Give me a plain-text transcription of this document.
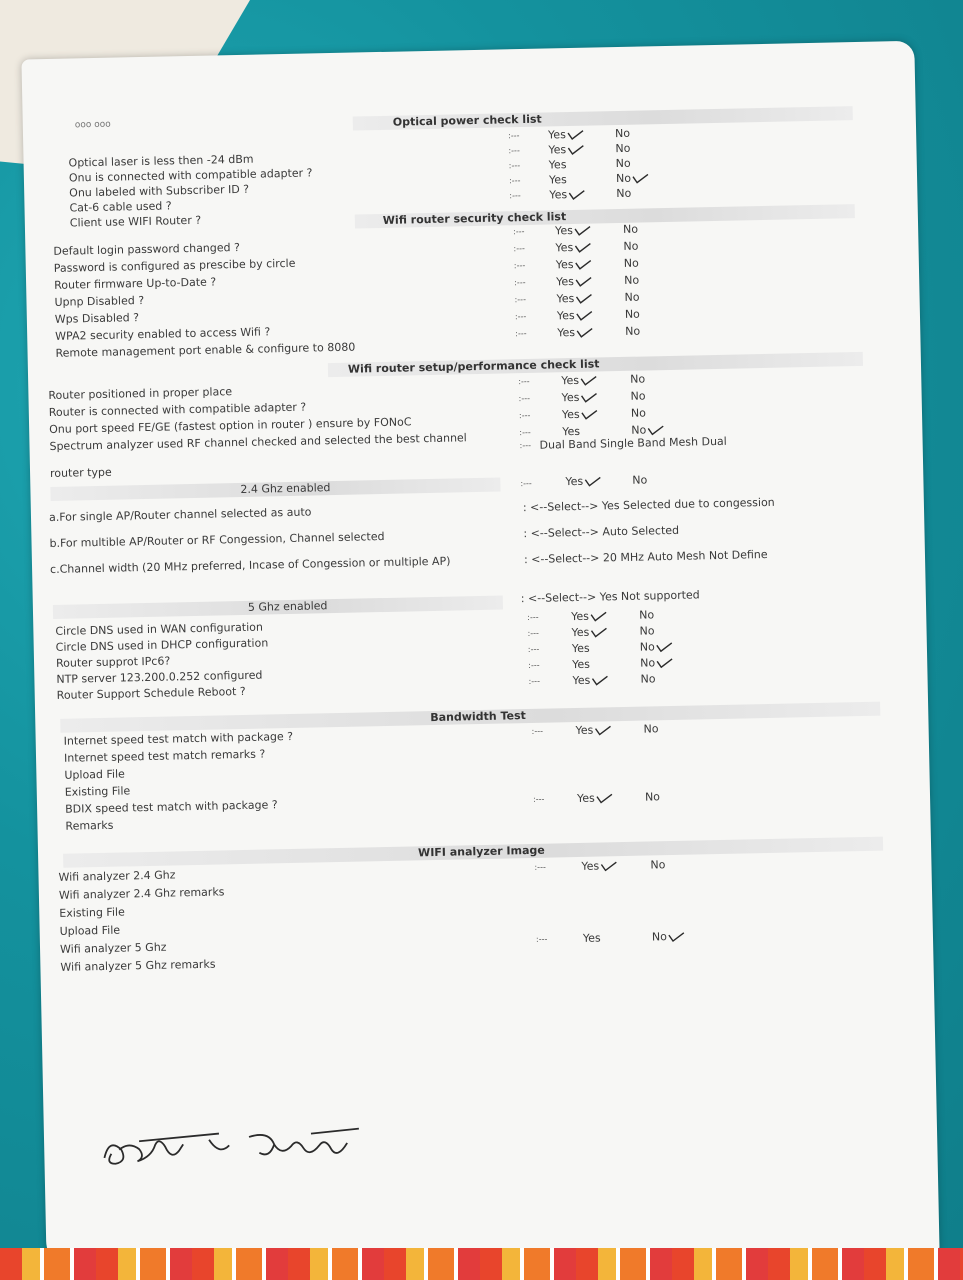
ooo ooo	Optical power check list
Optical laser is less then -24 dBm
:---	Yes	No
Onu is connected with compatible adapter ?
:---	Yes	No
Onu labeled with Subscriber ID ?
:---	Yes	No
Cat-6 cable used ?
:---	Yes	No
Client use WIFI Router ?
:---	Yes	No
Wifi router security check list
Default login password changed ?
:---	Yes	No
Password is configured as prescibe by circle
:---	Yes	No
Router firmware Up-to-Date ?
:---	Yes	No
Upnp Disabled ?
:---	Yes	No
Wps Disabled ?
:---	Yes	No
WPA2 security enabled to access Wifi ?
:---	Yes	No
Remote management port enable & configure to 8080
:---	Yes	No
Wifi router setup/performance check list
Router positioned in proper place
:---	Yes	No
Router is connected with compatible adapter ?
:---	Yes	No
Onu port speed FE/GE (fastest option in router ) ensure by FONoC	:---	Yes	No
Spectrum analyzer used RF channel checked and selected the best channel	:---	Yes	No
router type
:--- Dual Band Single Band Mesh Dual
2.4 Ghz enabled	:---	Yes	No
a.For single AP/Router channel selected as auto
: <--Select--> Yes Selected due to congession
b.For multible AP/Router or RF Congession, Channel selected	: <--Select--> Auto Selected
c.Channel width (20 MHz preferred, Incase of Congession or multiple AP)	: <--Select--> 20 MHz Auto Mesh Not Define
5 Ghz enabled
: <--Select--> Yes Not supported
Circle DNS used in WAN configuration
:---	Yes	No
Circle DNS used in DHCP configuration
:---	Yes	No
Router supprot IPc6?
:---	Yes	No
NTP server 123.200.0.252 configured
:---	Yes	No
Router Support Schedule Reboot ?
:---	Yes	No
Bandwidth Test
Internet speed test match with package ?	:---	Yes	No
Internet speed test match remarks ?
Upload File
Existing File
BDIX speed test match with package ?	:---	Yes	No
Remarks
WIFI analyzer Image
Wifi analyzer 2.4 Ghz
:---	Yes	No
Wifi analyzer 2.4 Ghz remarks
Existing File
Upload File
Wifi analyzer 5 Ghz
:---	Yes	No
Wifi analyzer 5 Ghz remarks
